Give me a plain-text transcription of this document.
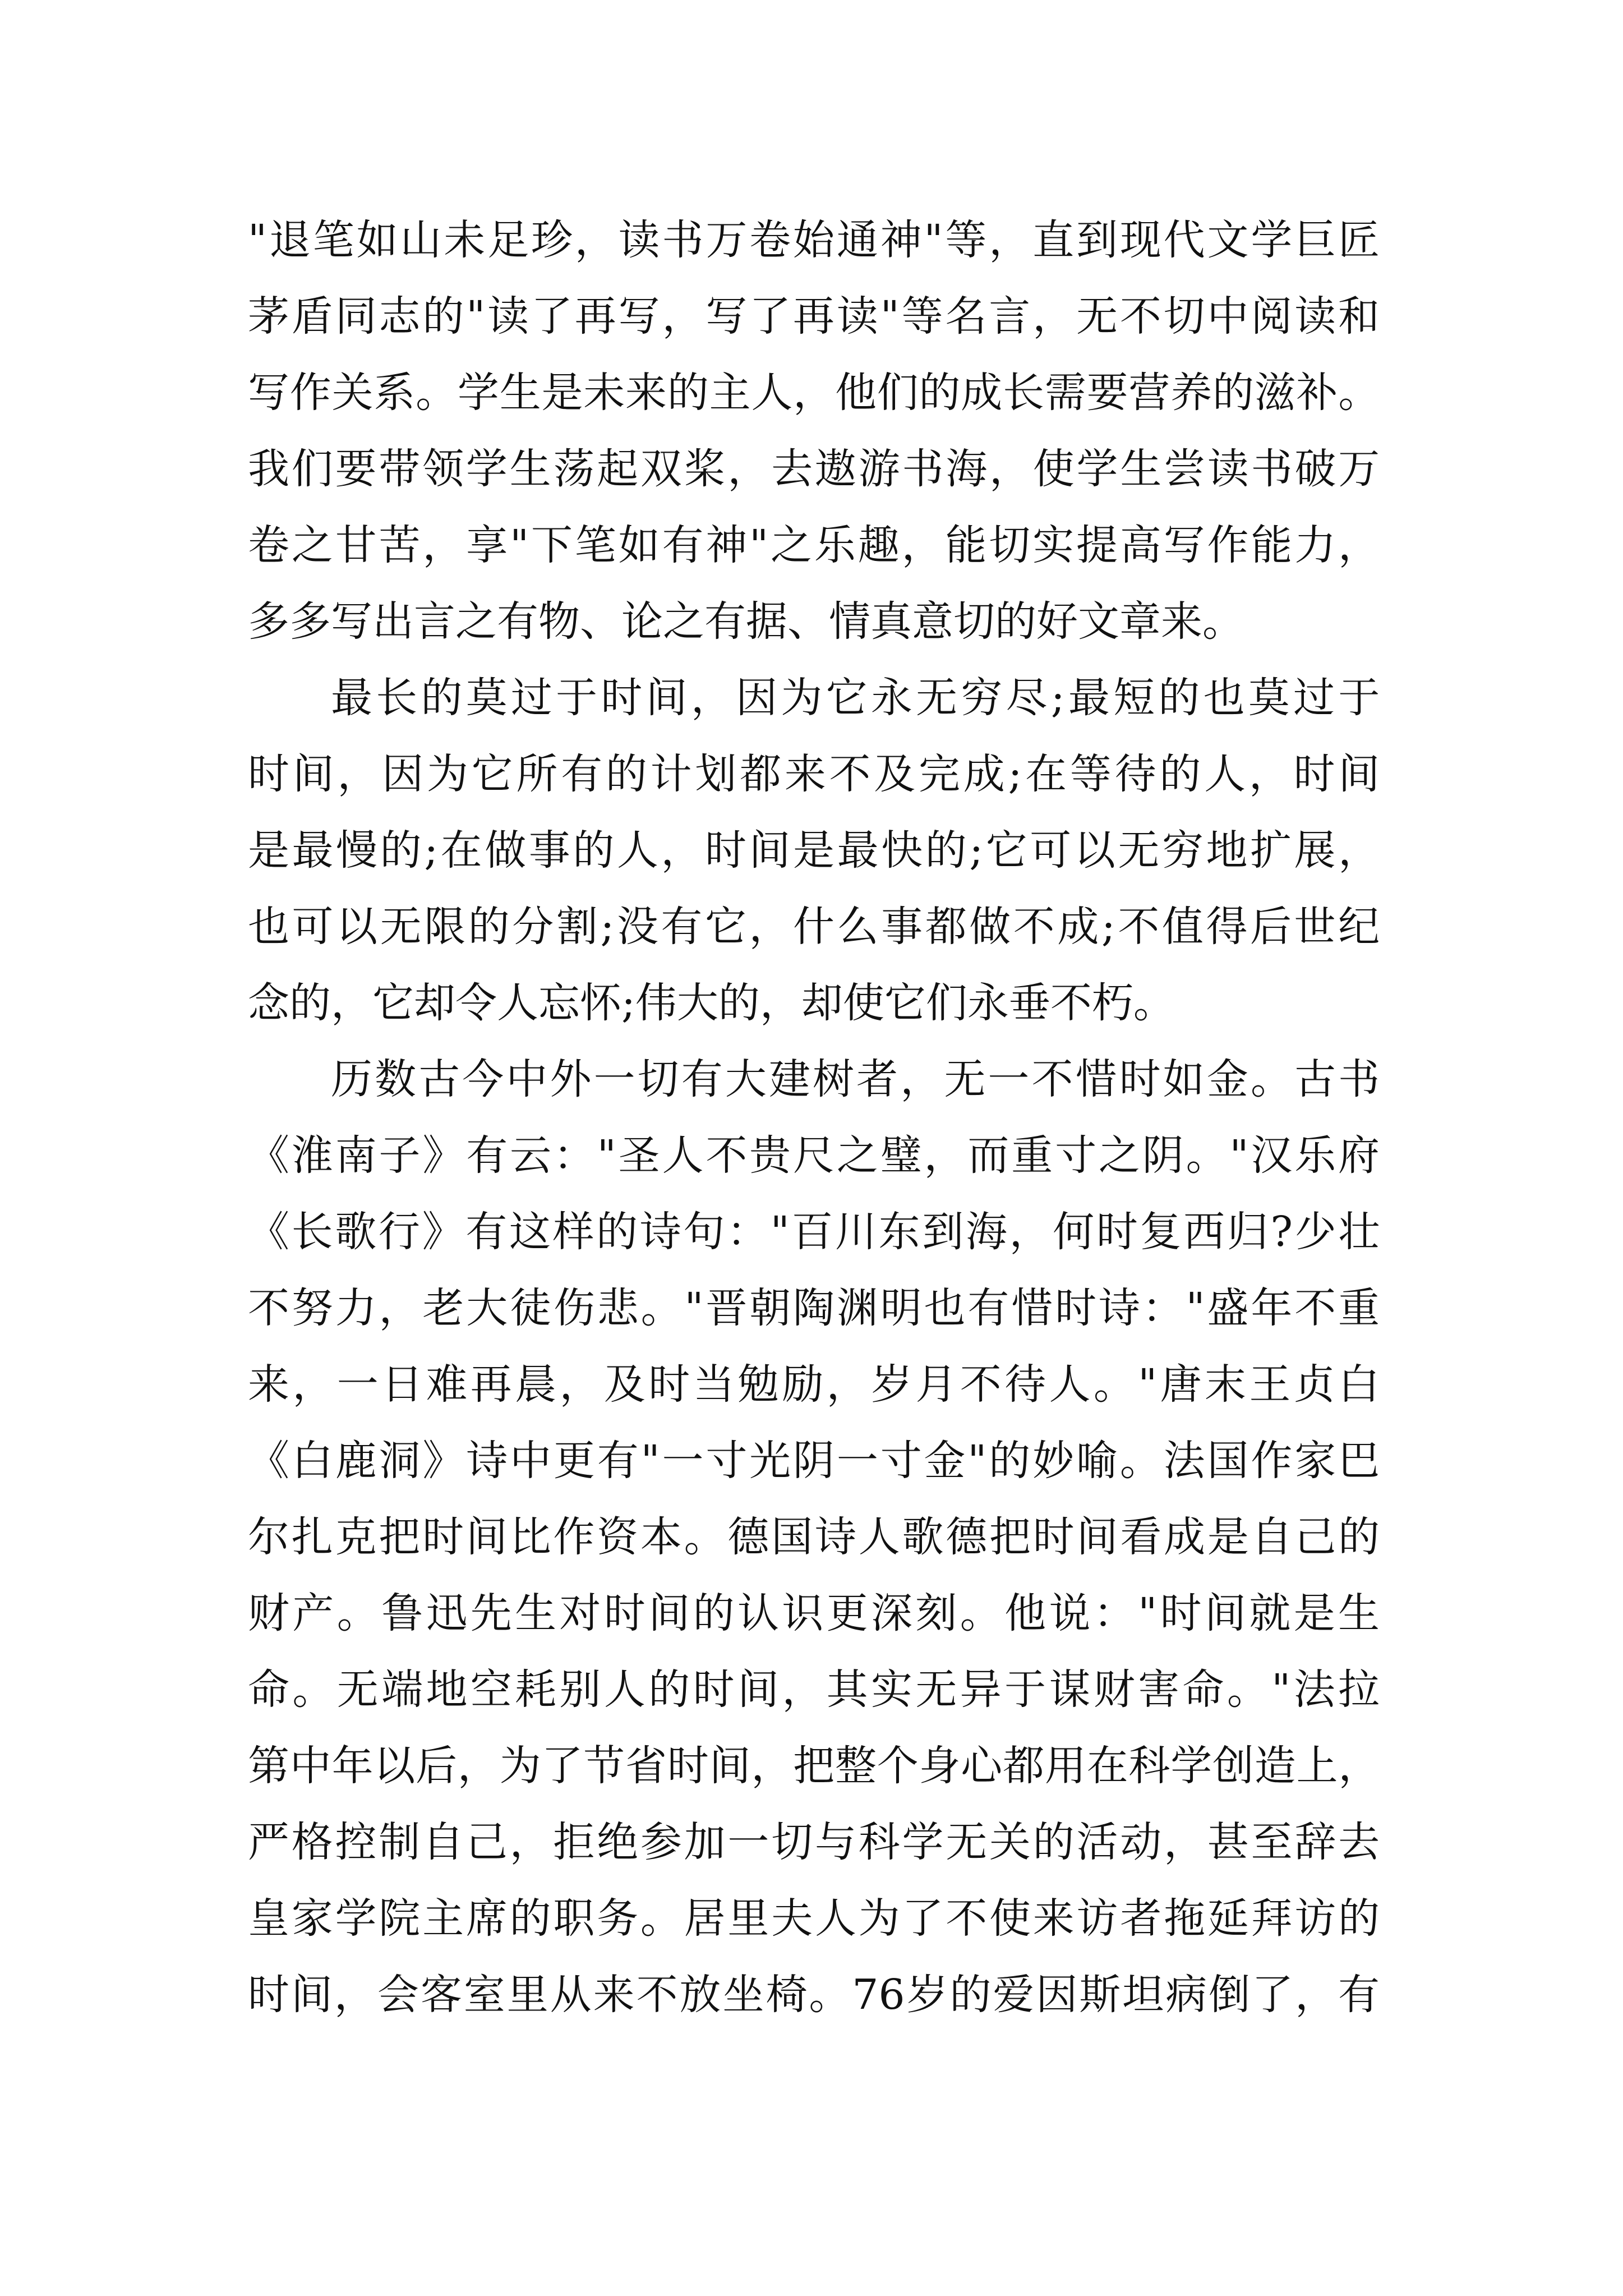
"退笔如山未足珍，读书万卷始通神"等，直到现代文学巨匠
茅盾同志的"读了再写，写了再读"等名言，无不切中阅读和
写作关系。学生是未来的主人，他们的成长需要营养的滋补。
我们要带领学生荡起双桨，去遨游书海，使学生尝读书破万
卷之甘苦，享"下笔如有神"之乐趣，能切实提高写作能力，
多多写出言之有物、论之有据、情真意切的好文章来。
最长的莫过于时间，因为它永无穷尽;最短的也莫过于
时间，因为它所有的计划都来不及完成;在等待的人，时间
是最慢的;在做事的人，时间是最快的;它可以无穷地扩展，
也可以无限的分割;没有它，什么事都做不成;不值得后世纪
念的，它却令人忘怀;伟大的，却使它们永垂不朽。
历数古今中外一切有大建树者，无一不惜时如金。古书
《淮南子》有云："圣人不贵尺之璧，而重寸之阴。"汉乐府
《长歌行》有这样的诗句："百川东到海，何时复西归?少壮
不努力，老大徒伤悲。"晋朝陶渊明也有惜时诗："盛年不重
来，一日难再晨，及时当勉励，岁月不待人。"唐末王贞白
《白鹿洞》诗中更有"一寸光阴一寸金"的妙喻。法国作家巴
尔扎克把时间比作资本。德国诗人歌德把时间看成是自己的
财产。鲁迅先生对时间的认识更深刻。他说："时间就是生
命。无端地空耗别人的时间，其实无异于谋财害命。"法拉
第中年以后，为了节省时间，把整个身心都用在科学创造上，
严格控制自己，拒绝参加一切与科学无关的活动，甚至辞去
皇家学院主席的职务。居里夫人为了不使来访者拖延拜访的
时间，会客室里从来不放坐椅。76岁的爱因斯坦病倒了，有
